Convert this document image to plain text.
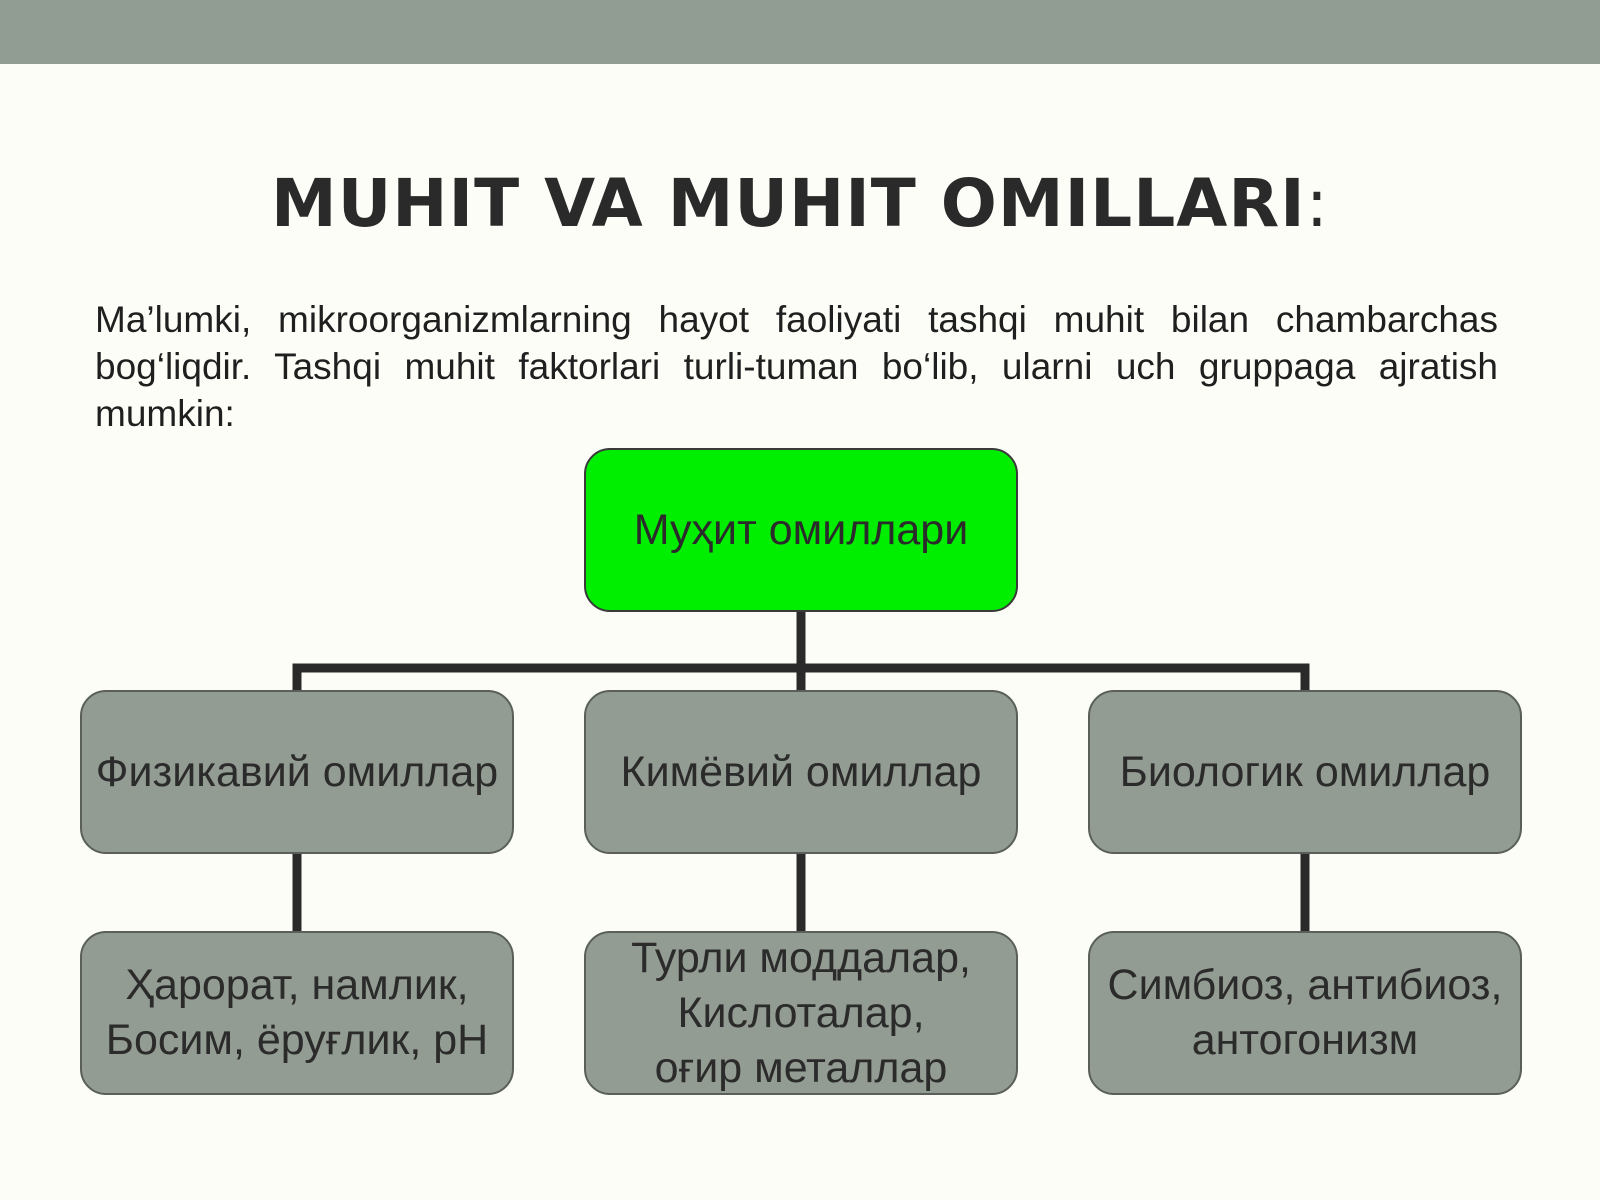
MUHIT VA MUHIT OMILLARI:
Ma’lumki, mikroorganizmlarning hayot faoliyati tashqi muhit bilan chambarchas bog‘liqdir. Tashqi muhit faktorlari turli-tuman bo‘lib, ularni uch gruppaga ajratish mumkin:
Муҳит омиллари
Физикавий омиллар	Кимёвий омиллар	Биологик омиллар
Ҳарорат, намлик,
Босим, ёруғлик, рН
Турли моддалар,
Кислоталар,
оғир металлар
Симбиоз, антибиоз,
антогонизм
